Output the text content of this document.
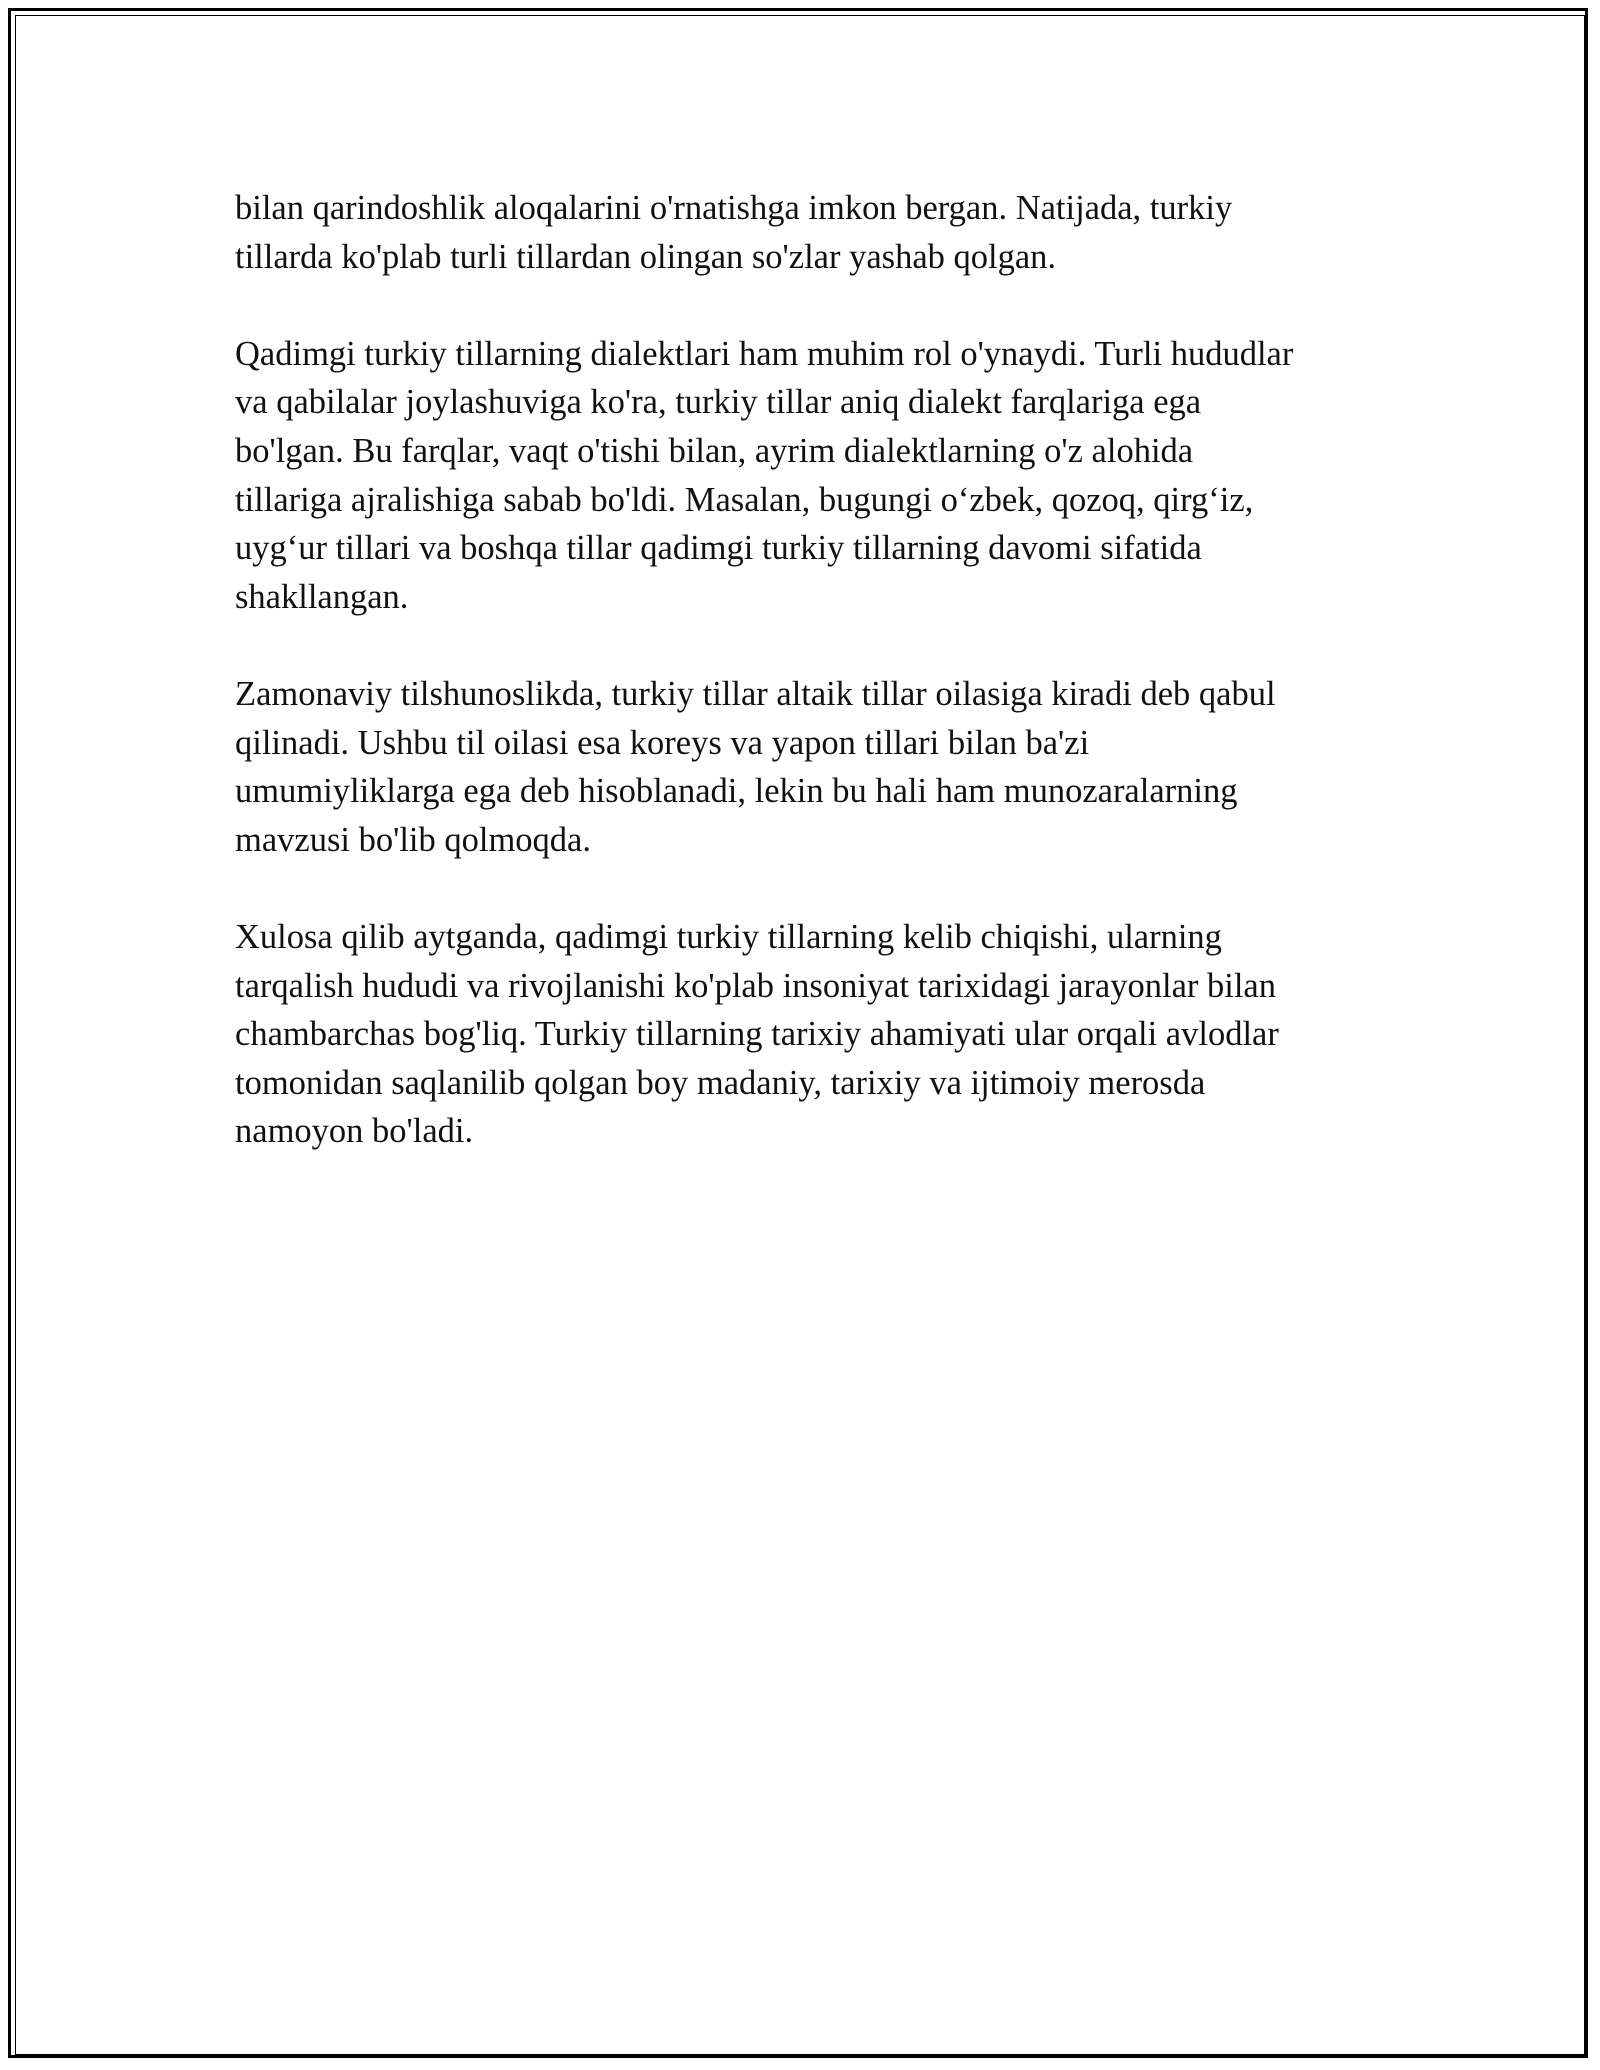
bilan qarindoshlik aloqalarini o'rnatishga imkon bergan. Natijada, turkiy
tillarda ko'plab turli tillardan olingan so'zlar yashab qolgan.

Qadimgi turkiy tillarning dialektlari ham muhim rol o'ynaydi. Turli hududlar
va qabilalar joylashuviga ko'ra, turkiy tillar aniq dialekt farqlariga ega
bo'lgan. Bu farqlar, vaqt o'tishi bilan, ayrim dialektlarning o'z alohida
tillariga ajralishiga sabab bo'ldi. Masalan, bugungi o‘zbek, qozoq, qirg‘iz,
uyg‘ur tillari va boshqa tillar qadimgi turkiy tillarning davomi sifatida
shakllangan.

Zamonaviy tilshunoslikda, turkiy tillar altaik tillar oilasiga kiradi deb qabul
qilinadi. Ushbu til oilasi esa koreys va yapon tillari bilan ba'zi
umumiyliklarga ega deb hisoblanadi, lekin bu hali ham munozaralarning
mavzusi bo'lib qolmoqda.

Xulosa qilib aytganda, qadimgi turkiy tillarning kelib chiqishi, ularning
tarqalish hududi va rivojlanishi ko'plab insoniyat tarixidagi jarayonlar bilan
chambarchas bog'liq. Turkiy tillarning tarixiy ahamiyati ular orqali avlodlar
tomonidan saqlanilib qolgan boy madaniy, tarixiy va ijtimoiy merosda
namoyon bo'ladi.
